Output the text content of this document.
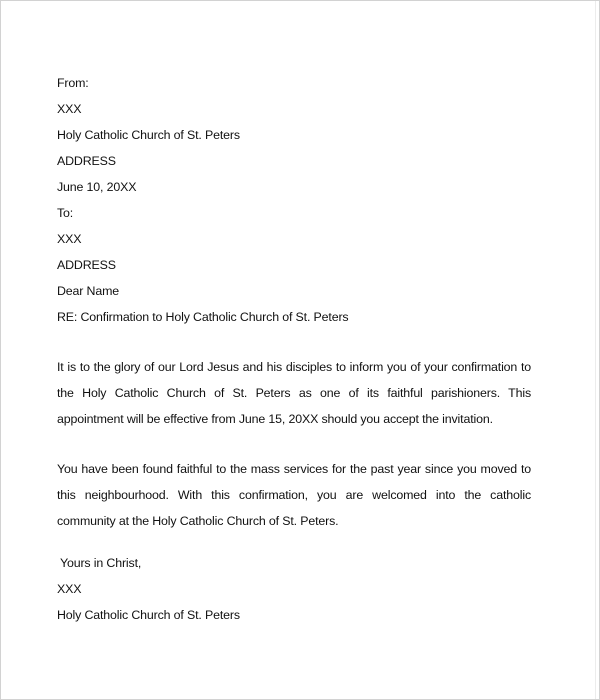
From:
XXX
Holy Catholic Church of St. Peters
ADDRESS
June 10, 20XX
To:
XXX
ADDRESS
Dear Name
RE: Confirmation to Holy Catholic Church of St. Peters

It is to the glory of our Lord Jesus and his disciples to inform you of your confirmation to the Holy Catholic Church of St. Peters as one of its faithful parishioners. This appointment will be effective from June 15, 20XX should you accept the invitation.

You have been found faithful to the mass services for the past year since you moved to this neighbourhood. With this confirmation, you are welcomed into the catholic community at the Holy Catholic Church of St. Peters.

Yours in Christ,
XXX
Holy Catholic Church of St. Peters
